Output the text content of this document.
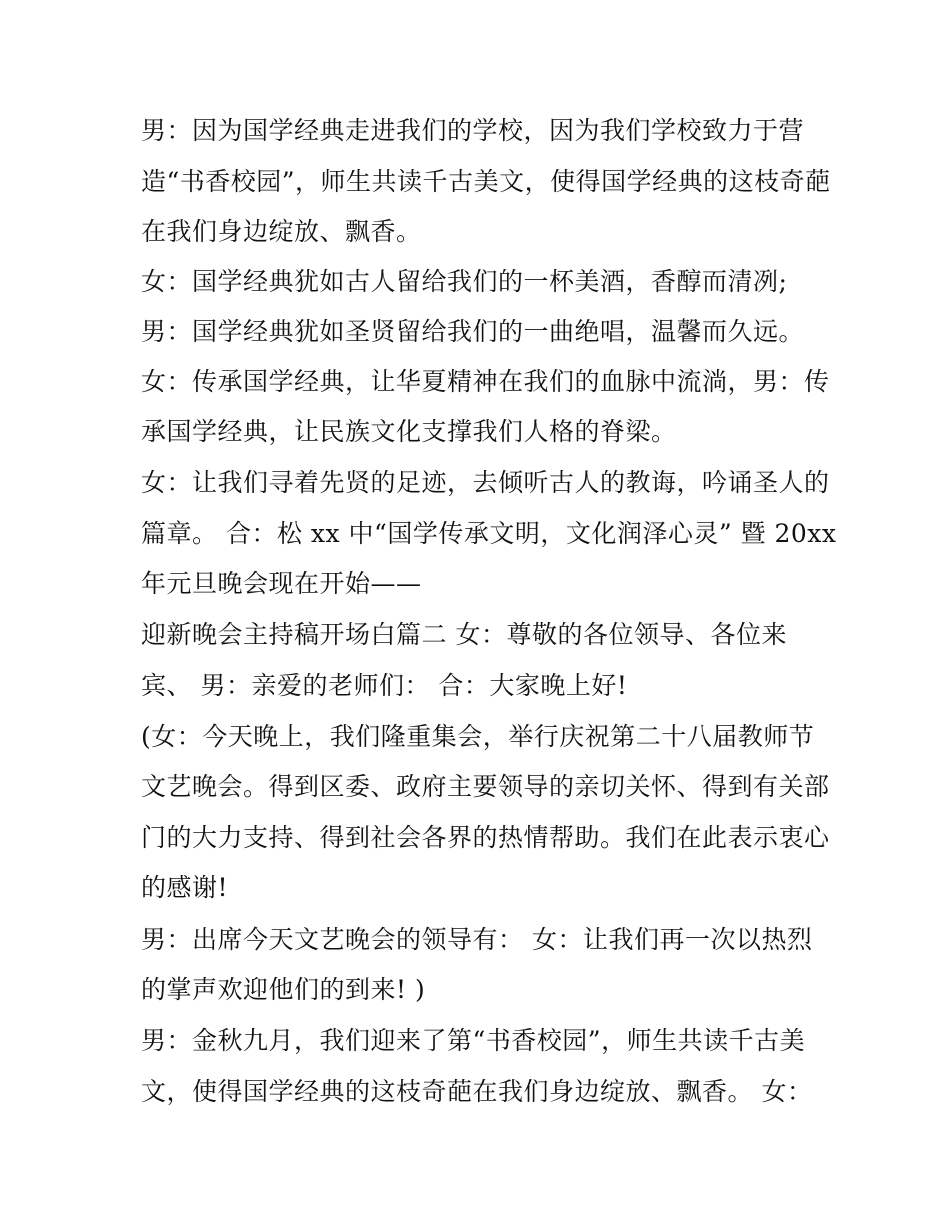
男：因为国学经典走进我们的学校，因为我们学校致力于营
造“书香校园”，师生共读千古美文，使得国学经典的这枝奇葩
在我们身边绽放、飘香。
女：国学经典犹如古人留给我们的一杯美酒，香醇而清冽;
男：国学经典犹如圣贤留给我们的一曲绝唱，温馨而久远。
女：传承国学经典，让华夏精神在我们的血脉中流淌，男：传
承国学经典，让民族文化支撑我们人格的脊梁。
女：让我们寻着先贤的足迹，去倾听古人的教诲，吟诵圣人的
篇章。 合：松 xx 中“国学传承文明，文化润泽心灵” 暨 20xx
年元旦晚会现在开始——
迎新晚会主持稿开场白篇二 女：尊敬的各位领导、各位来
宾、 男：亲爱的老师们： 合：大家晚上好!
(女：今天晚上，我们隆重集会，举行庆祝第二十八届教师节
文艺晚会。得到区委、政府主要领导的亲切关怀、得到有关部
门的大力支持、得到社会各界的热情帮助。我们在此表示衷心
的感谢!
男：出席今天文艺晚会的领导有： 女：让我们再一次以热烈
的掌声欢迎他们的到来! )
男：金秋九月，我们迎来了第“书香校园”，师生共读千古美
文，使得国学经典的这枝奇葩在我们身边绽放、飘香。 女：
